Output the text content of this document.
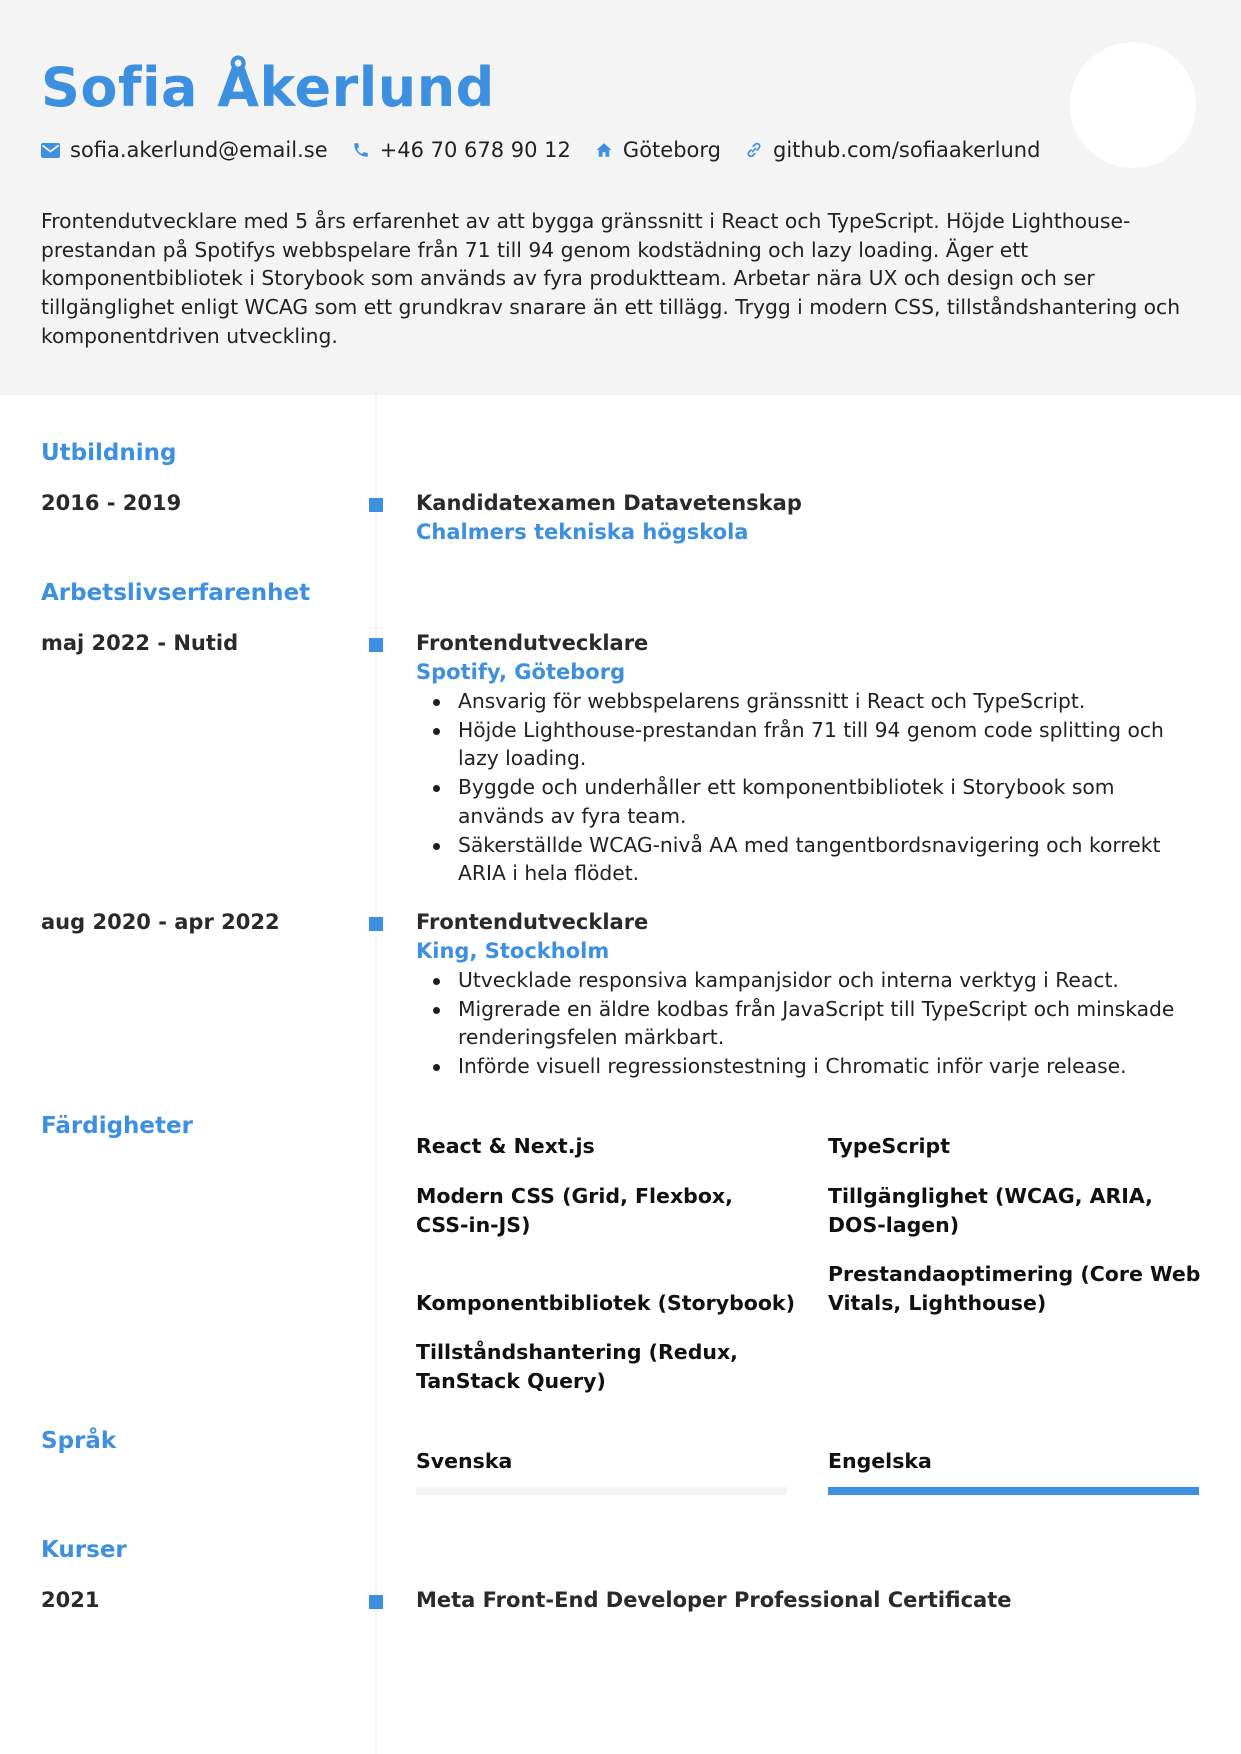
Sofia Åkerlund
sofia.akerlund@email.se +46 70 678 90 12 Göteborg github.com/sofiaakerlund
Frontendutvecklare med 5 års erfarenhet av att bygga gränssnitt i React och TypeScript. Höjde Lighthouse-prestandan på Spotifys webbspelare från 71 till 94 genom kodstädning och lazy loading. Äger ett komponentbibliotek i Storybook som används av fyra produktteam. Arbetar nära UX och design och ser tillgänglighet enligt WCAG som ett grundkrav snarare än ett tillägg. Trygg i modern CSS, tillståndshantering och komponentdriven utveckling.
Utbildning
2016 - 2019	Kandidatexamen Datavetenskap
Chalmers tekniska högskola
Arbetslivserfarenhet
maj 2022 - Nutid	Frontendutvecklare
Spotify, Göteborg
Ansvarig för webbspelarens gränssnitt i React och TypeScript.
Höjde Lighthouse-prestandan från 71 till 94 genom code splitting och lazy loading.
Byggde och underhåller ett komponentbibliotek i Storybook som används av fyra team.
Säkerställde WCAG-nivå AA med tangentbordsnavigering och korrekt ARIA i hela flödet.
aug 2020 - apr 2022	Frontendutvecklare
King, Stockholm
Utvecklade responsiva kampanjsidor och interna verktyg i React.
Migrerade en äldre kodbas från JavaScript till TypeScript och minskade renderingsfelen märkbart.
Införde visuell regressionstestning i Chromatic inför varje release.
Färdigheter
React & Next.js
Modern CSS (Grid, Flexbox, CSS-in-JS)
Komponentbibliotek (Storybook)
Tillståndshantering (Redux, TanStack Query)
TypeScript
Tillgänglighet (WCAG, ARIA, DOS-lagen)
Prestandaoptimering (Core Web Vitals, Lighthouse)
Språk
Svenska	Engelska
Kurser
2021	Meta Front-End Developer Professional Certificate
